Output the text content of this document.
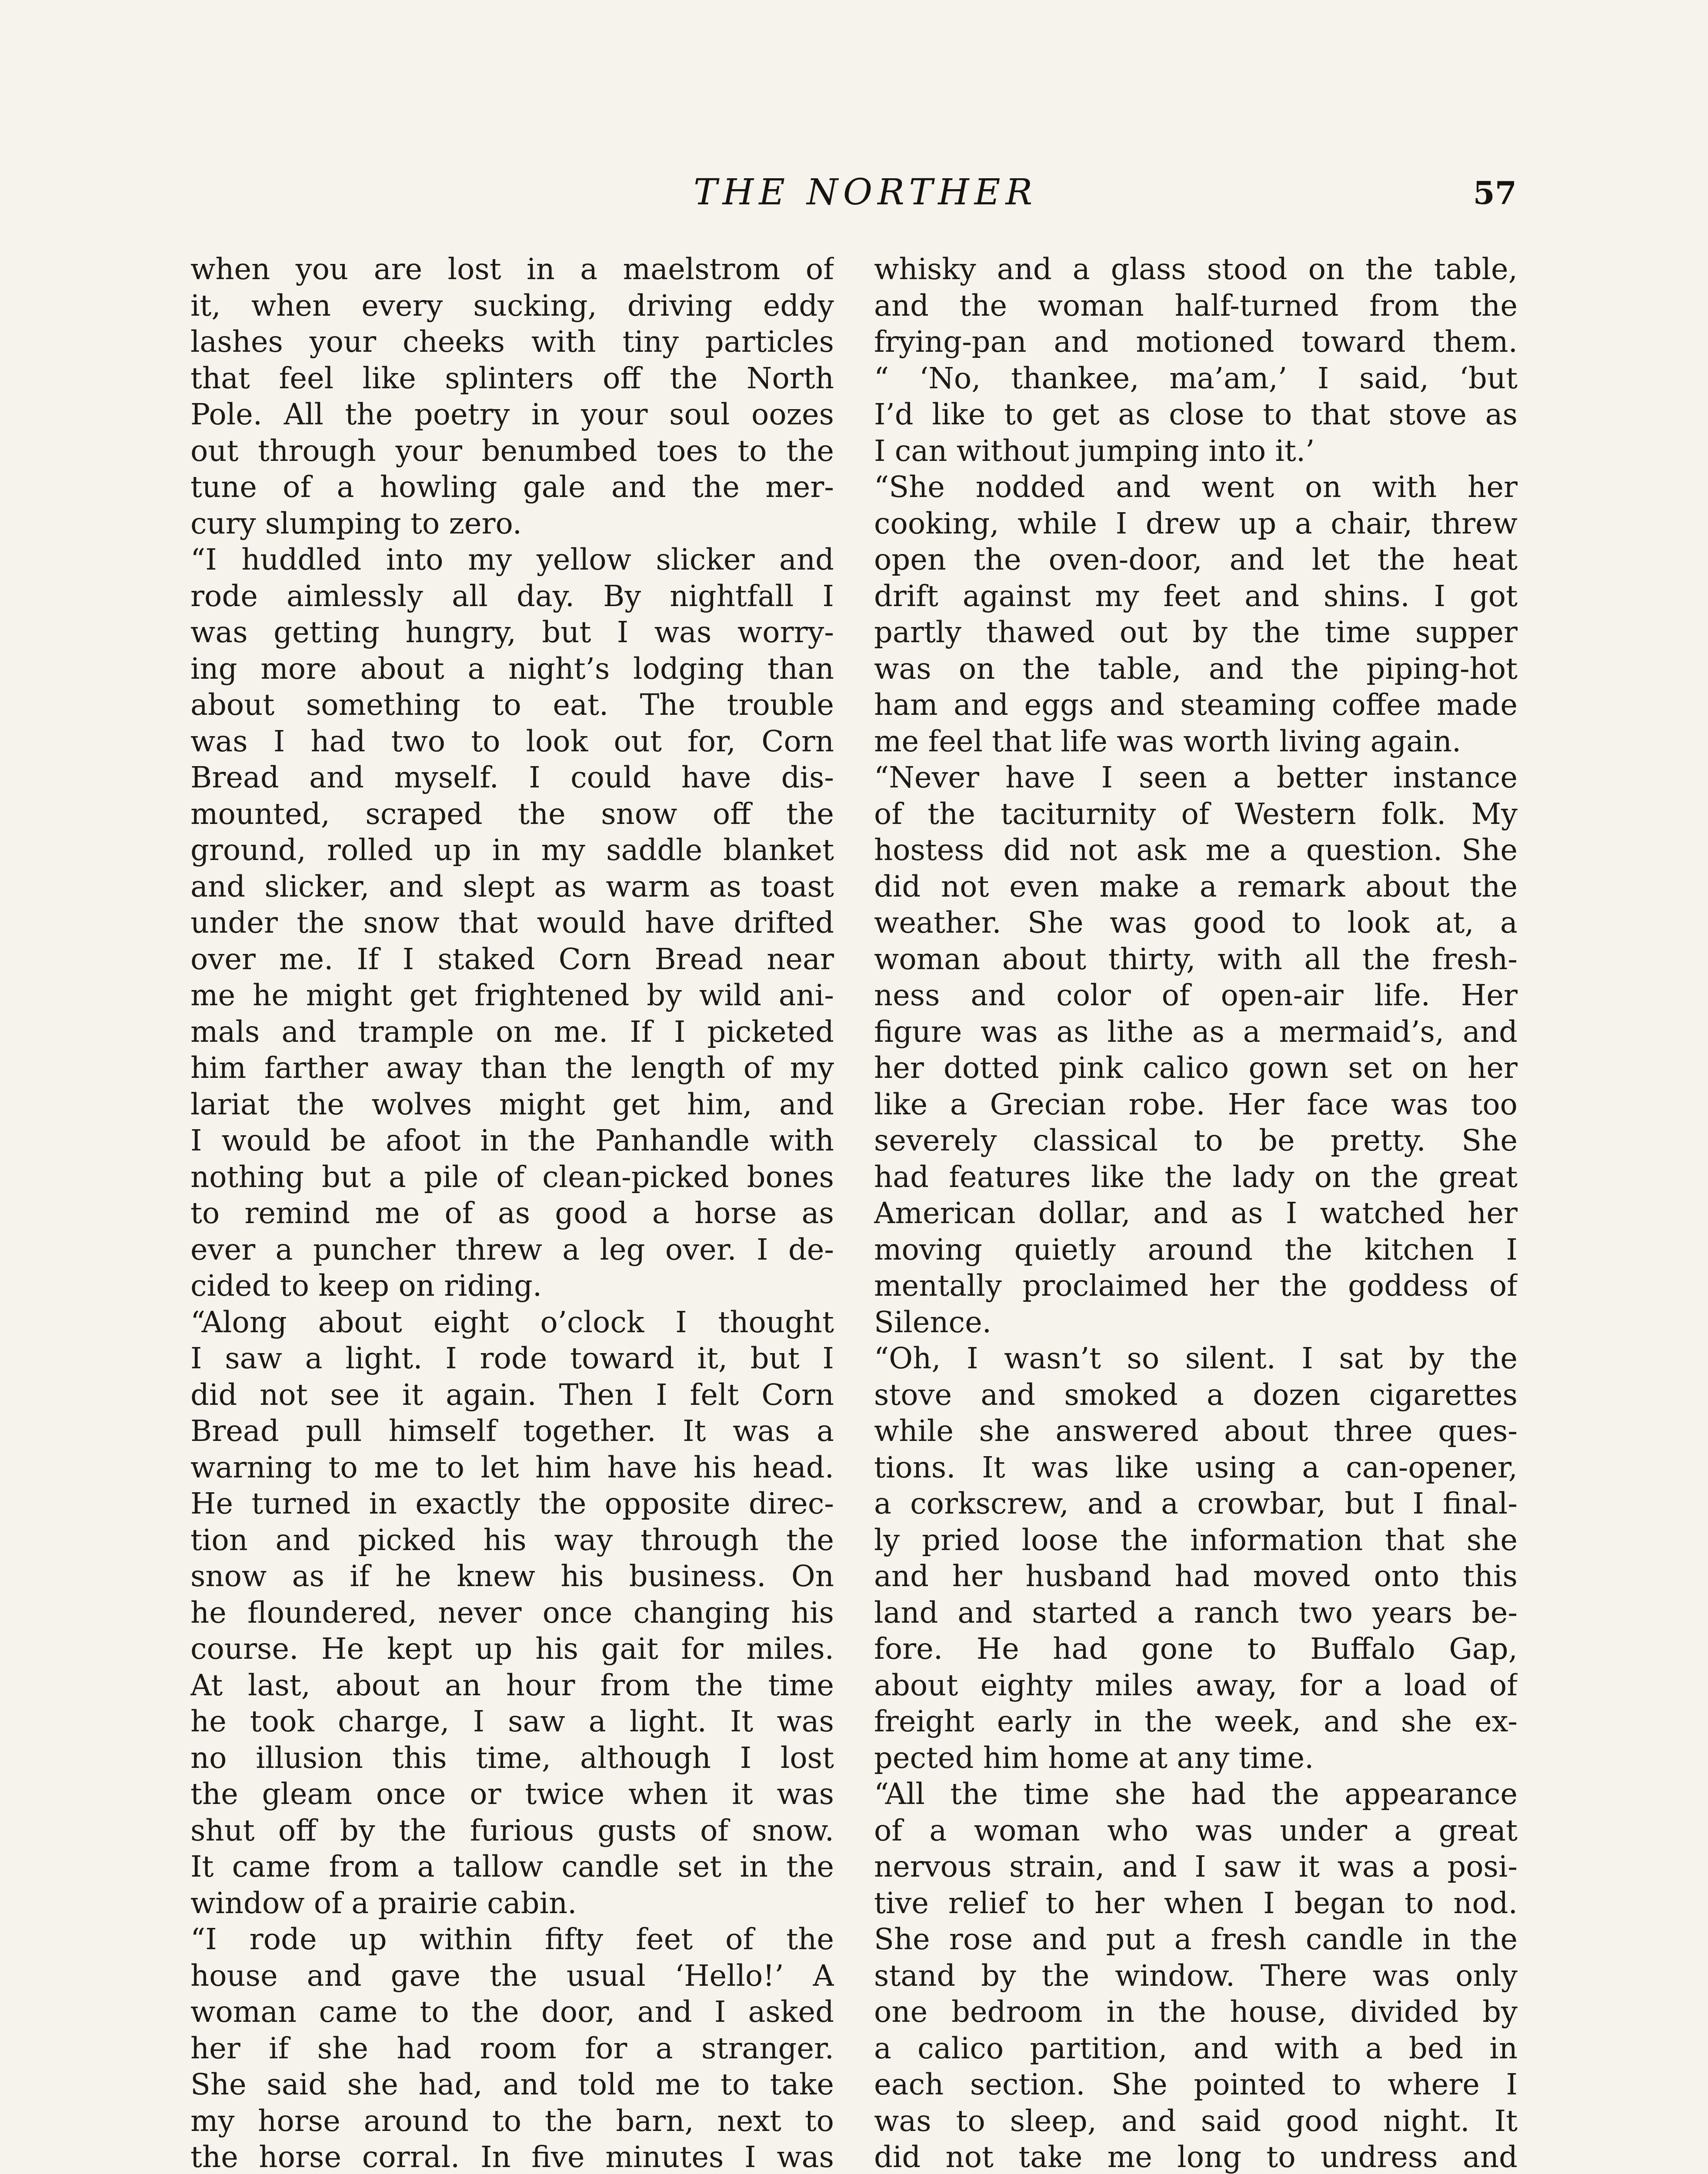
THE NORTHER	57
when you are lost in a maelstrom of
it, when every sucking, driving eddy
lashes your cheeks with tiny particles
that feel like splinters off the North
Pole. All the poetry in your soul oozes
out through your benumbed toes to the
tune of a howling gale and the mer-
cury slumping to zero.
“I huddled into my yellow slicker and
rode aimlessly all day. By nightfall I
was getting hungry, but I was worry-
ing more about a night’s lodging than
about something to eat. The trouble
was I had two to look out for, Corn
Bread and myself. I could have dis-
mounted, scraped the snow off the
ground, rolled up in my saddle blanket
and slicker, and slept as warm as toast
under the snow that would have drifted
over me. If I staked Corn Bread near
me he might get frightened by wild ani-
mals and trample on me. If I picketed
him farther away than the length of my
lariat the wolves might get him, and
I would be afoot in the Panhandle with
nothing but a pile of clean-picked bones
to remind me of as good a horse as
ever a puncher threw a leg over. I de-
cided to keep on riding.
“Along about eight o’clock I thought
I saw a light. I rode toward it, but I
did not see it again. Then I felt Corn
Bread pull himself together. It was a
warning to me to let him have his head.
He turned in exactly the opposite direc-
tion and picked his way through the
snow as if he knew his business. On
he floundered, never once changing his
course. He kept up his gait for miles.
At last, about an hour from the time
he took charge, I saw a light. It was
no illusion this time, although I lost
the gleam once or twice when it was
shut off by the furious gusts of snow.
It came from a tallow candle set in the
window of a prairie cabin.
“I rode up within fifty feet of the
house and gave the usual ‘Hello!’ A
woman came to the door, and I asked
her if she had room for a stranger.
She said she had, and told me to take
my horse around to the barn, next to
the horse corral. In five minutes I was
whisky and a glass stood on the table,
and the woman half-turned from the
frying-pan and motioned toward them.
“ ‘No, thankee, ma’am,’ I said, ‘but
I’d like to get as close to that stove as
I can without jumping into it.’
“She nodded and went on with her
cooking, while I drew up a chair, threw
open the oven-door, and let the heat
drift against my feet and shins. I got
partly thawed out by the time supper
was on the table, and the piping-hot
ham and eggs and steaming coffee made
me feel that life was worth living again.
“Never have I seen a better instance
of the taciturnity of Western folk. My
hostess did not ask me a question. She
did not even make a remark about the
weather. She was good to look at, a
woman about thirty, with all the fresh-
ness and color of open-air life. Her
figure was as lithe as a mermaid’s, and
her dotted pink calico gown set on her
like a Grecian robe. Her face was too
severely classical to be pretty. She
had features like the lady on the great
American dollar, and as I watched her
moving quietly around the kitchen I
mentally proclaimed her the goddess of
Silence.
“Oh, I wasn’t so silent. I sat by the
stove and smoked a dozen cigarettes
while she answered about three ques-
tions. It was like using a can-opener,
a corkscrew, and a crowbar, but I final-
ly pried loose the information that she
and her husband had moved onto this
land and started a ranch two years be-
fore. He had gone to Buffalo Gap,
about eighty miles away, for a load of
freight early in the week, and she ex-
pected him home at any time.
“All the time she had the appearance
of a woman who was under a great
nervous strain, and I saw it was a posi-
tive relief to her when I began to nod.
She rose and put a fresh candle in the
stand by the window. There was only
one bedroom in the house, divided by
a calico partition, and with a bed in
each section. She pointed to where I
was to sleep, and said good night. It
did not take me long to undress and
